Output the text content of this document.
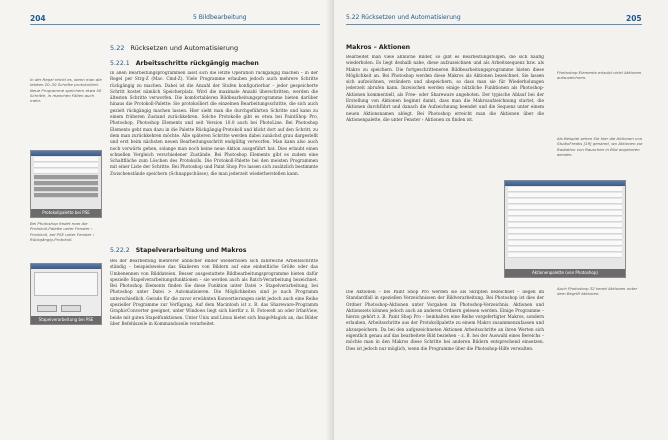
204	5 Bildbearbeitung
5.22 Rücksetzen und Automatisierung
5.22.1 Arbeitsschritte rückgängig machen
In allen Bearbeitungsprogrammen lässt sich die letzte Operation rückgängig machen – in der Regel per Strg-Z (Mac: Cmd-Z). Viele Programme erlauben jedoch auch mehrere Schritte rückgängig zu machen. Dabei ist die Anzahl der Stufen konfigurierbar – jeder gespeicherte Schritt kostet nämlich Speicherplatz. Wird die maximale Anzahl überschritten, werden die ältesten Schritte verworfen. Die komfortableren Bildbearbeitungsprogramme bieten darüber hinaus die Protokoll-Palette: Sie protokolliert die einzelnen Bearbeitungsschritte, die sich auch gezielt rückgängig machen lassen. Hier sieht man die durchgeführten Schritte und kann zu einem früheren Zustand zurückkehren. Solche Protokolle gibt es etwa bei PaintShop Pro, Photoshop, Photoshop Elements und seit Version 10.0 auch bei PhotoLine. Bei Photoshop Elements geht man dazu in die Palette Rückgängig-Protokoll und klickt dort auf den Schritt, zu dem man zurückkehren möchte. Alle späteren Schritte werden dabei zunächst grau dargestellt und erst beim nächsten neuen Bearbeitungsschritt endgültig verworfen. Man kann also auch noch vorwärts gehen, solange man noch keine neue Aktion ausgeführt hat. Dies erlaubt einen schnellen Vergleich verschiedener Zustände. Bei Photoshop Elements gibt es zudem eine Schaltfläche zum Löschen des Protokolls. Die Protokoll-Palette bei den meisten Programmen mit einer Liste der Schritte. Bei Photoshop und Paint Shop Pro lassen sich zusätzlich bestimmte Zwischenstände speichern (Schnappschüsse), die man jederzeit wiederherstellen kann.
In der Regel reicht es, wenn man die letzten 20–30 Schritte protokolliert. Neue Programme speichern etwa 50 Schritte, in manchen Fällen auch mehr.
Protokollpalette bei PSE
Bei Photoshop findet man die Protokoll-Palette unter Fenster › Protokoll, bei PSE unter Fenster › Rückgängig-Protokoll.
5.22.2 Stapelverarbeitung und Makros
Bei der Bearbeitung mehrerer ähnlicher Bilder wiederholen sich zahlreiche Arbeitsschritte ständig – beispielsweise das Skalieren von Bildern auf eine einheitliche Größe oder das Umbenennen von Bilddateien. Besser ausgestattete Bildbearbeitungsprogramme bieten dafür spezielle Stapelverarbeitungsfunktionen – sie werden auch als Batch-Verarbeitung bezeichnet. Bei Photoshop Elements finden Sie diese Funktion unter Datei > Stapelverarbeitung, bei Photoshop unter Datei > Automatisieren. Die Möglichkeiten sind je nach Programm unterschiedlich. Gerade für die zuvor erwähnten Konvertierungen sieht jedoch auch eine Reihe spezieller Programme zur Verfügung. Auf dem Macintosh ist z. B. das Shareware-Programm GraphicConverter geeignet, unter Windows liegt sich hierfür z. B. Fotowelt an oder IrfanView, beide mit guten Stapelfunktionen. Unter Unix und Linux bietet sich ImageMagick an, das Bilder über Befehlszeile in Kommandozeile verarbeitet.
Stapelverarbeitung bei PSE
5.22 Rücksetzen und Automatisierung	205
Makros – Aktionen
Bearbeitet man viele ähnliche Bilder, so gibt es Bearbeitungsfolgen, die sich häufig wiederholen. Es liegt deshalb nahe, diese aufzuzeichnen und als Arbeitssequenz bzw. als Makro zu speichern. Die fortgeschritteneren Bildbearbeitungsprogramme bieten diese Möglichkeit an. Bei Photoshop werden diese Makros als Aktionen bezeichnet. Sie lassen sich aufzeichnen, verändern und abspeichern, so dass man sie für Wiederholungen jederzeit abrufen kann. Inzwischen werden einige nützliche Funktionen als Photoshop-Aktionen kommerziell, als Free- oder Shareware angeboten. Der typische Ablauf bei der Erstellung von Aktionen beginnt damit, dass man die Makroaufzeichnung startet, die Aktionen durchführt und danach die Aufzeichnung beendet und die Sequenz unter einem neuen Aktionsnamen ablegt. Bei Photoshop erreicht man die Aktionen über die Aktionenpalette, die unter Fenster › Aktionen zu finden ist.
Photoshop Elements erlaubt nicht Aktionen aufzuzeichnen.
Als Beispiel sehen Sie hier die Aktionen von StudioFreaks [19] genannt, wo Aktionen zur Radiation von Rauschen in Bild angeboten werden.
Aktionenpalette (von Photoshop)
Auch Photoshop 32 kennt Aktionen unter dem Begriff Aktionen.
Die Aktionen – bei Paint Shop Pro werden sie als Skripten bezeichnet – liegen im Standardfall in speziellen Verzeichnissen der Bildverarbeitung. Bei Photoshop ist dies der Ordner Photoshop-Aktionen unter Vorgaben im Photoshop-Verzeichnis. Aktionen und Aktionssets können jedoch auch an anderen Ordnern gelesen werden. Einige Programme – hierzu gehört z. B. Paint Shop Pro – beinhalten eine Reihe vorgefertigter Makros, sondern erlauben, Arbeitsschritte aus der Protokollpalette zu einem Makro zusammenzufassen und abzuspeichern. Da bei den aufgezeichneten Aktionen Arbeitsschritte an ihren Werten sich eigentlich genau auf das bearbeitete Bild beziehen – z. B. bei der Auswahl eines Bereichs – möchte man in den Makros diese Schritte bei anderen Bildern entsprechend einsetzen. Dies ist jedoch nur möglich, wenn die Programme über die Photoshop-Hilfe verwalten.
